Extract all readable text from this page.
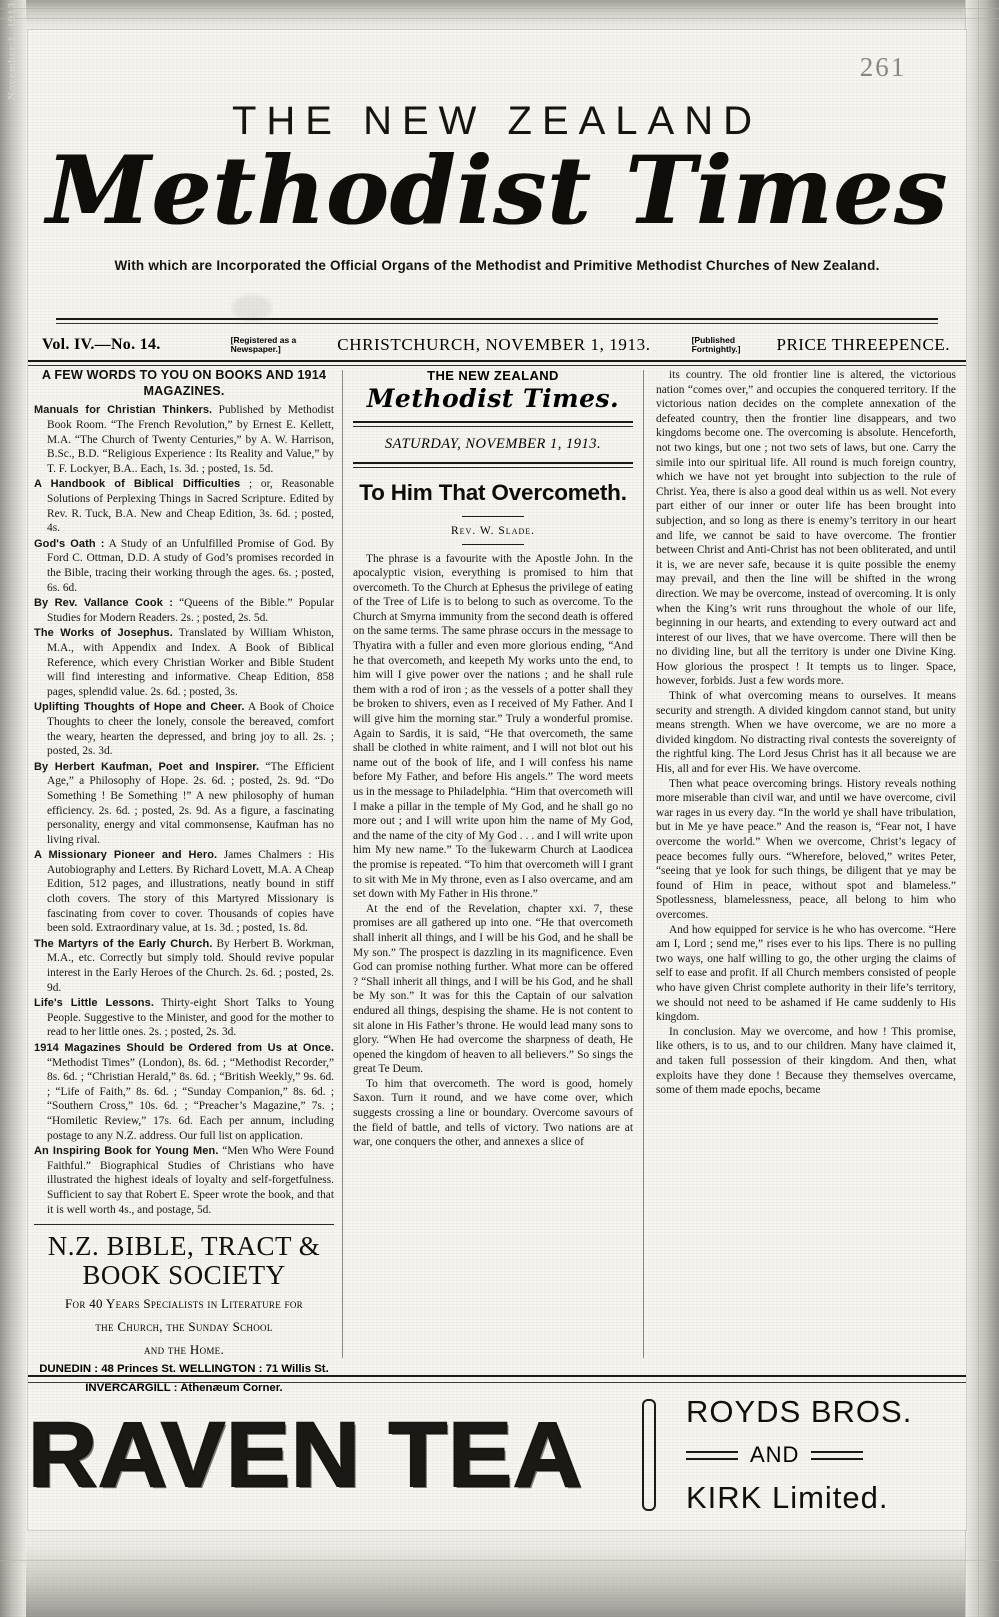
261
November 1, 1913
THE NEW ZEALAND
Methodist Times
With which are Incorporated the Official Organs of the Methodist and Primitive Methodist Churches of New Zealand.
Vol. IV.—No. 14.	[Registered as a
Newspaper.]	CHRISTCHURCH, NOVEMBER 1, 1913.	[Published
Fortnightly.] PRICE THREEPENCE.
A FEW WORDS TO YOU ON BOOKS AND 1914 MAGAZINES.
Manuals for Christian Thinkers. Published by Methodist Book Room. “The French Revolution,” by Ernest E. Kellett, M.A. “The Church of Twenty Centuries,” by A. W. Harrison, B.Sc., B.D. “Religious Experience : Its Reality and Value,” by T. F. Lockyer, B.A.. Each, 1s. 3d. ; posted, 1s. 5d.
A Handbook of Biblical Difficulties ; or, Reasonable Solutions of Perplexing Things in Sacred Scripture. Edited by Rev. R. Tuck, B.A. New and Cheap Edition, 3s. 6d. ; posted, 4s.
God's Oath : A Study of an Unfulfilled Promise of God. By Ford C. Ottman, D.D. A study of God’s promises recorded in the Bible, tracing their working through the ages. 6s. ; posted, 6s. 6d.
By Rev. Vallance Cook : “Queens of the Bible.” Popular Studies for Modern Readers. 2s. ; posted, 2s. 5d.
The Works of Josephus. Translated by William Whiston, M.A., with Appendix and Index. A Book of Biblical Reference, which every Christian Worker and Bible Student will find interesting and informative. Cheap Edition, 858 pages, splendid value. 2s. 6d. ; posted, 3s.
Uplifting Thoughts of Hope and Cheer. A Book of Choice Thoughts to cheer the lonely, console the bereaved, comfort the weary, hearten the depressed, and bring joy to all. 2s. ; posted, 2s. 3d.
By Herbert Kaufman, Poet and Inspirer. “The Efficient Age,” a Philosophy of Hope. 2s. 6d. ; posted, 2s. 9d. “Do Something ! Be Something !” A new philosophy of human efficiency. 2s. 6d. ; posted, 2s. 9d. As a figure, a fascinating personality, energy and vital commonsense, Kaufman has no living rival.
A Missionary Pioneer and Hero. James Chalmers : His Autobiography and Letters. By Richard Lovett, M.A. A Cheap Edition, 512 pages, and illustrations, neatly bound in stiff cloth covers. The story of this Martyred Missionary is fascinating from cover to cover. Thousands of copies have been sold. Extraordinary value, at 1s. 3d. ; posted, 1s. 8d.
The Martyrs of the Early Church. By Herbert B. Workman, M.A., etc. Correctly but simply told. Should revive popular interest in the Early Heroes of the Church. 2s. 6d. ; posted, 2s. 9d.
Life's Little Lessons. Thirty-eight Short Talks to Young People. Suggestive to the Minister, and good for the mother to read to her little ones. 2s. ; posted, 2s. 3d.
1914 Magazines Should be Ordered from Us at Once. “Methodist Times” (London), 8s. 6d. ; “Methodist Recorder,” 8s. 6d. ; “Christian Herald,” 8s. 6d. ; “British Weekly,” 9s. 6d. ; “Life of Faith,” 8s. 6d. ; “Sunday Companion,” 8s. 6d. ; “Southern Cross,” 10s. 6d. ; “Preacher’s Magazine,” 7s. ; “Homiletic Review,” 17s. 6d. Each per annum, including postage to any N.Z. address. Our full list on application.
An Inspiring Book for Young Men. “Men Who Were Found Faithful.” Biographical Studies of Christians who have illustrated the highest ideals of loyalty and self-forgetfulness. Sufficient to say that Robert E. Speer wrote the book, and that it is well worth 4s., and postage, 5d.
N.Z. BIBLE, TRACT &
BOOK SOCIETY
For 40 Years Specialists in Literature for
the Church, the Sunday School
and the Home.
DUNEDIN : 48 Princes St. WELLINGTON : 71 Willis St.
INVERCARGILL : Athenæum Corner.
THE NEW ZEALAND
Methodist Times.
SATURDAY, NOVEMBER 1, 1913.
To Him That Overcometh.
Rev. W. Slade.

The phrase is a favourite with the Apostle John. In the apocalyptic vision, everything is promised to him that overcometh. To the Church at Ephesus the privilege of eating of the Tree of Life is to belong to such as overcome. To the Church at Smyrna immunity from the second death is offered on the same terms. The same phrase occurs in the message to Thyatira with a fuller and even more glorious ending, “And he that overcometh, and keepeth My works unto the end, to him will I give power over the nations ; and he shall rule them with a rod of iron ; as the vessels of a potter shall they be broken to shivers, even as I received of My Father. And I will give him the morning star.” Truly a wonderful promise. Again to Sardis, it is said, “He that overcometh, the same shall be clothed in white raiment, and I will not blot out his name out of the book of life, and I will confess his name before My Father, and before His angels.” The word meets us in the message to Philadelphia. “Him that overcometh will I make a pillar in the temple of My God, and he shall go no more out ; and I will write upon him the name of My God, and the name of the city of My God . . . and I will write upon him My new name.” To the lukewarm Church at Laodicea the promise is repeated. “To him that overcometh will I grant to sit with Me in My throne, even as I also overcame, and am set down with My Father in His throne.”

At the end of the Revelation, chapter xxi. 7, these promises are all gathered up into one. “He that overcometh shall inherit all things, and I will be his God, and he shall be My son.” The prospect is dazzling in its magnificence. Even God can promise nothing further. What more can be offered ? “Shall inherit all things, and I will be his God, and he shall be My son.” It was for this the Captain of our salvation endured all things, despising the shame. He is not content to sit alone in His Father’s throne. He would lead many sons to glory. “When He had overcome the sharpness of death, He opened the kingdom of heaven to all believers.” So sings the great Te Deum.

To him that overcometh. The word is good, homely Saxon. Turn it round, and we have come over, which suggests crossing a line or boundary. Overcome savours of the field of battle, and tells of victory. Two nations are at war, one conquers the other, and annexes a slice of

its country. The old frontier line is altered, the victorious nation “comes over,” and occupies the conquered territory. If the victorious nation decides on the complete annexation of the defeated country, then the frontier line disappears, and two kingdoms become one. The overcoming is absolute. Henceforth, not two kings, but one ; not two sets of laws, but one. Carry the simile into our spiritual life. All round is much foreign country, which we have not yet brought into subjection to the rule of Christ. Yea, there is also a good deal within us as well. Not every part either of our inner or outer life has been brought into subjection, and so long as there is enemy’s territory in our heart and life, we cannot be said to have overcome. The frontier between Christ and Anti-Christ has not been obliterated, and until it is, we are never safe, because it is quite possible the enemy may prevail, and then the line will be shifted in the wrong direction. We may be overcome, instead of overcoming. It is only when the King’s writ runs throughout the whole of our life, beginning in our hearts, and extending to every outward act and interest of our lives, that we have overcome. There will then be no dividing line, but all the territory is under one Divine King. How glorious the prospect ! It tempts us to linger. Space, however, forbids. Just a few words more.

Think of what overcoming means to ourselves. It means security and strength. A divided kingdom cannot stand, but unity means strength. When we have overcome, we are no more a divided kingdom. No distracting rival contests the sovereignty of the rightful king. The Lord Jesus Christ has it all because we are His, all and for ever His. We have overcome.

Then what peace overcoming brings. History reveals nothing more miserable than civil war, and until we have overcome, civil war rages in us every day. “In the world ye shall have tribulation, but in Me ye have peace.” And the reason is, “Fear not, I have overcome the world.” When we overcome, Christ’s legacy of peace becomes fully ours. “Wherefore, beloved,” writes Peter, “seeing that ye look for such things, be diligent that ye may be found of Him in peace, without spot and blameless.” Spotlessness, blamelessness, peace, all belong to him who overcomes.

And how equipped for service is he who has overcome. “Here am I, Lord ; send me,” rises ever to his lips. There is no pulling two ways, one half willing to go, the other urging the claims of self to ease and profit. If all Church members consisted of people who have given Christ complete authority in their life’s territory, we should not need to be ashamed if He came suddenly to His kingdom.

In conclusion. May we overcome, and how ! This promise, like others, is to us, and to our children. Many have claimed it, and taken full possession of their kingdom. And then, what exploits have they done ! Because they themselves overcame, some of them made epochs, became

RAVEN TEA	ROYDS BROS.
AND
KIRK Limited.
